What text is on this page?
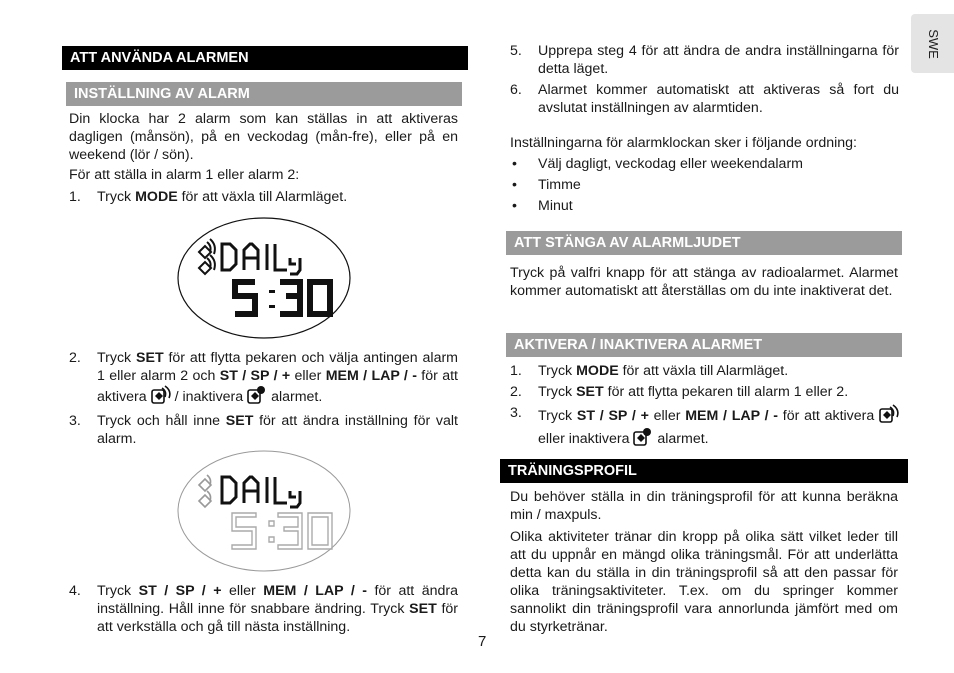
SWE
ATT ANVÄNDA ALARMEN
INSTÄLLNING AV ALARM
Din klocka har 2 alarm som kan ställas in att aktiveras dagligen (månsön), på en veckodag (mån-fre), eller på en weekend (lör / sön).
För att ställa in alarm 1 eller alarm 2:
1. Tryck MODE för att växla till Alarmläget.
DAILy
2. Tryck SET för att flytta pekaren och välja antingen alarm 1 eller alarm 2 och ST / SP / + eller MEM / LAP / - för att aktivera  / inaktivera  alarmet.
3. Tryck och håll inne SET för att ändra inställning för valt alarm.
DAILy
4. Tryck ST / SP / + eller MEM / LAP / - för att ändra inställning. Håll inne för snabbare ändring. Tryck SET för att verkställa och gå till nästa inställning.
7
5. Upprepa steg 4 för att ändra de andra inställningarna för detta läget.
6. Alarmet kommer automatiskt att aktiveras så fort du avslutat inställningen av alarmtiden.
Inställningarna för alarmklockan sker i följande ordning:
• Välj dagligt, veckodag eller weekendalarm
• Timme
• Minut
ATT STÄNGA AV ALARMLJUDET
Tryck på valfri knapp för att stänga av radioalarmet. Alarmet kommer automatiskt att återställas om du inte inaktiverat det.
AKTIVERA / INAKTIVERA ALARMET
1. Tryck MODE för att växla till Alarmläget.
2. Tryck SET för att flytta pekaren till alarm 1 eller 2.
3. Tryck ST / SP / + eller MEM / LAP / - för att aktivera  eller inaktivera  alarmet.
TRÄNINGSPROFIL
Du behöver ställa in din träningsprofil för att kunna beräkna min / maxpuls.
Olika aktiviteter tränar din kropp på olika sätt vilket leder till att du uppnår en mängd olika träningsmål. För att underlätta detta kan du ställa in din träningsprofil så att den passar för olika träningsaktiviteter. T.ex. om du springer kommer sannolikt din träningsprofil vara annorlunda jämfört med om du styrketränar.
